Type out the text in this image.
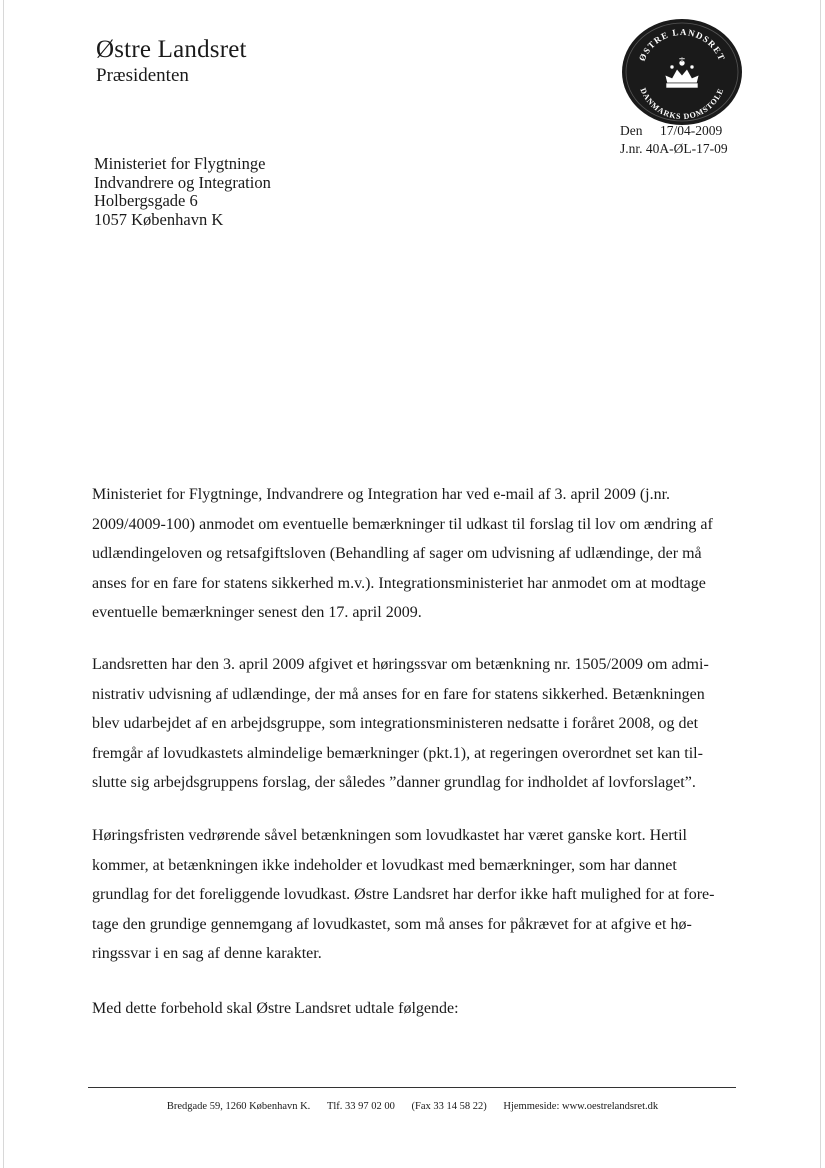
Østre Landsret
Præsidenten
ØSTRE LANDSRET
DANMARKS DOMSTOLE
Den 17/04-2009
J.nr. 40A-ØL-17-09
Ministeriet for Flygtninge
Indvandrere og Integration
Holbergsgade 6
1057 København K
Ministeriet for Flygtninge, Indvandrere og Integration har ved e-mail af 3. april 2009 (j.nr.
2009/4009-100) anmodet om eventuelle bemærkninger til udkast til forslag til lov om ændring af
udlændingeloven og retsafgiftsloven (Behandling af sager om udvisning af udlændinge, der må
anses for en fare for statens sikkerhed m.v.). Integrationsministeriet har anmodet om at modtage
eventuelle bemærkninger senest den 17. april 2009.
Landsretten har den 3. april 2009 afgivet et høringssvar om betænkning nr. 1505/2009 om admi-
nistrativ udvisning af udlændinge, der må anses for en fare for statens sikkerhed. Betænkningen
blev udarbejdet af en arbejdsgruppe, som integrationsministeren nedsatte i foråret 2008, og det
fremgår af lovudkastets almindelige bemærkninger (pkt.1), at regeringen overordnet set kan til-
slutte sig arbejdsgruppens forslag, der således ”danner grundlag for indholdet af lovforslaget”.
Høringsfristen vedrørende såvel betænkningen som lovudkastet har været ganske kort. Hertil
kommer, at betænkningen ikke indeholder et lovudkast med bemærkninger, som har dannet
grundlag for det foreliggende lovudkast. Østre Landsret har derfor ikke haft mulighed for at fore-
tage den grundige gennemgang af lovudkastet, som må anses for påkrævet for at afgive et hø-
ringssvar i en sag af denne karakter.
Med dette forbehold skal Østre Landsret udtale følgende:
Bredgade 59, 1260 København K. Tlf. 33 97 02 00 (Fax 33 14 58 22) Hjemmeside: www.oestrelandsret.dk
